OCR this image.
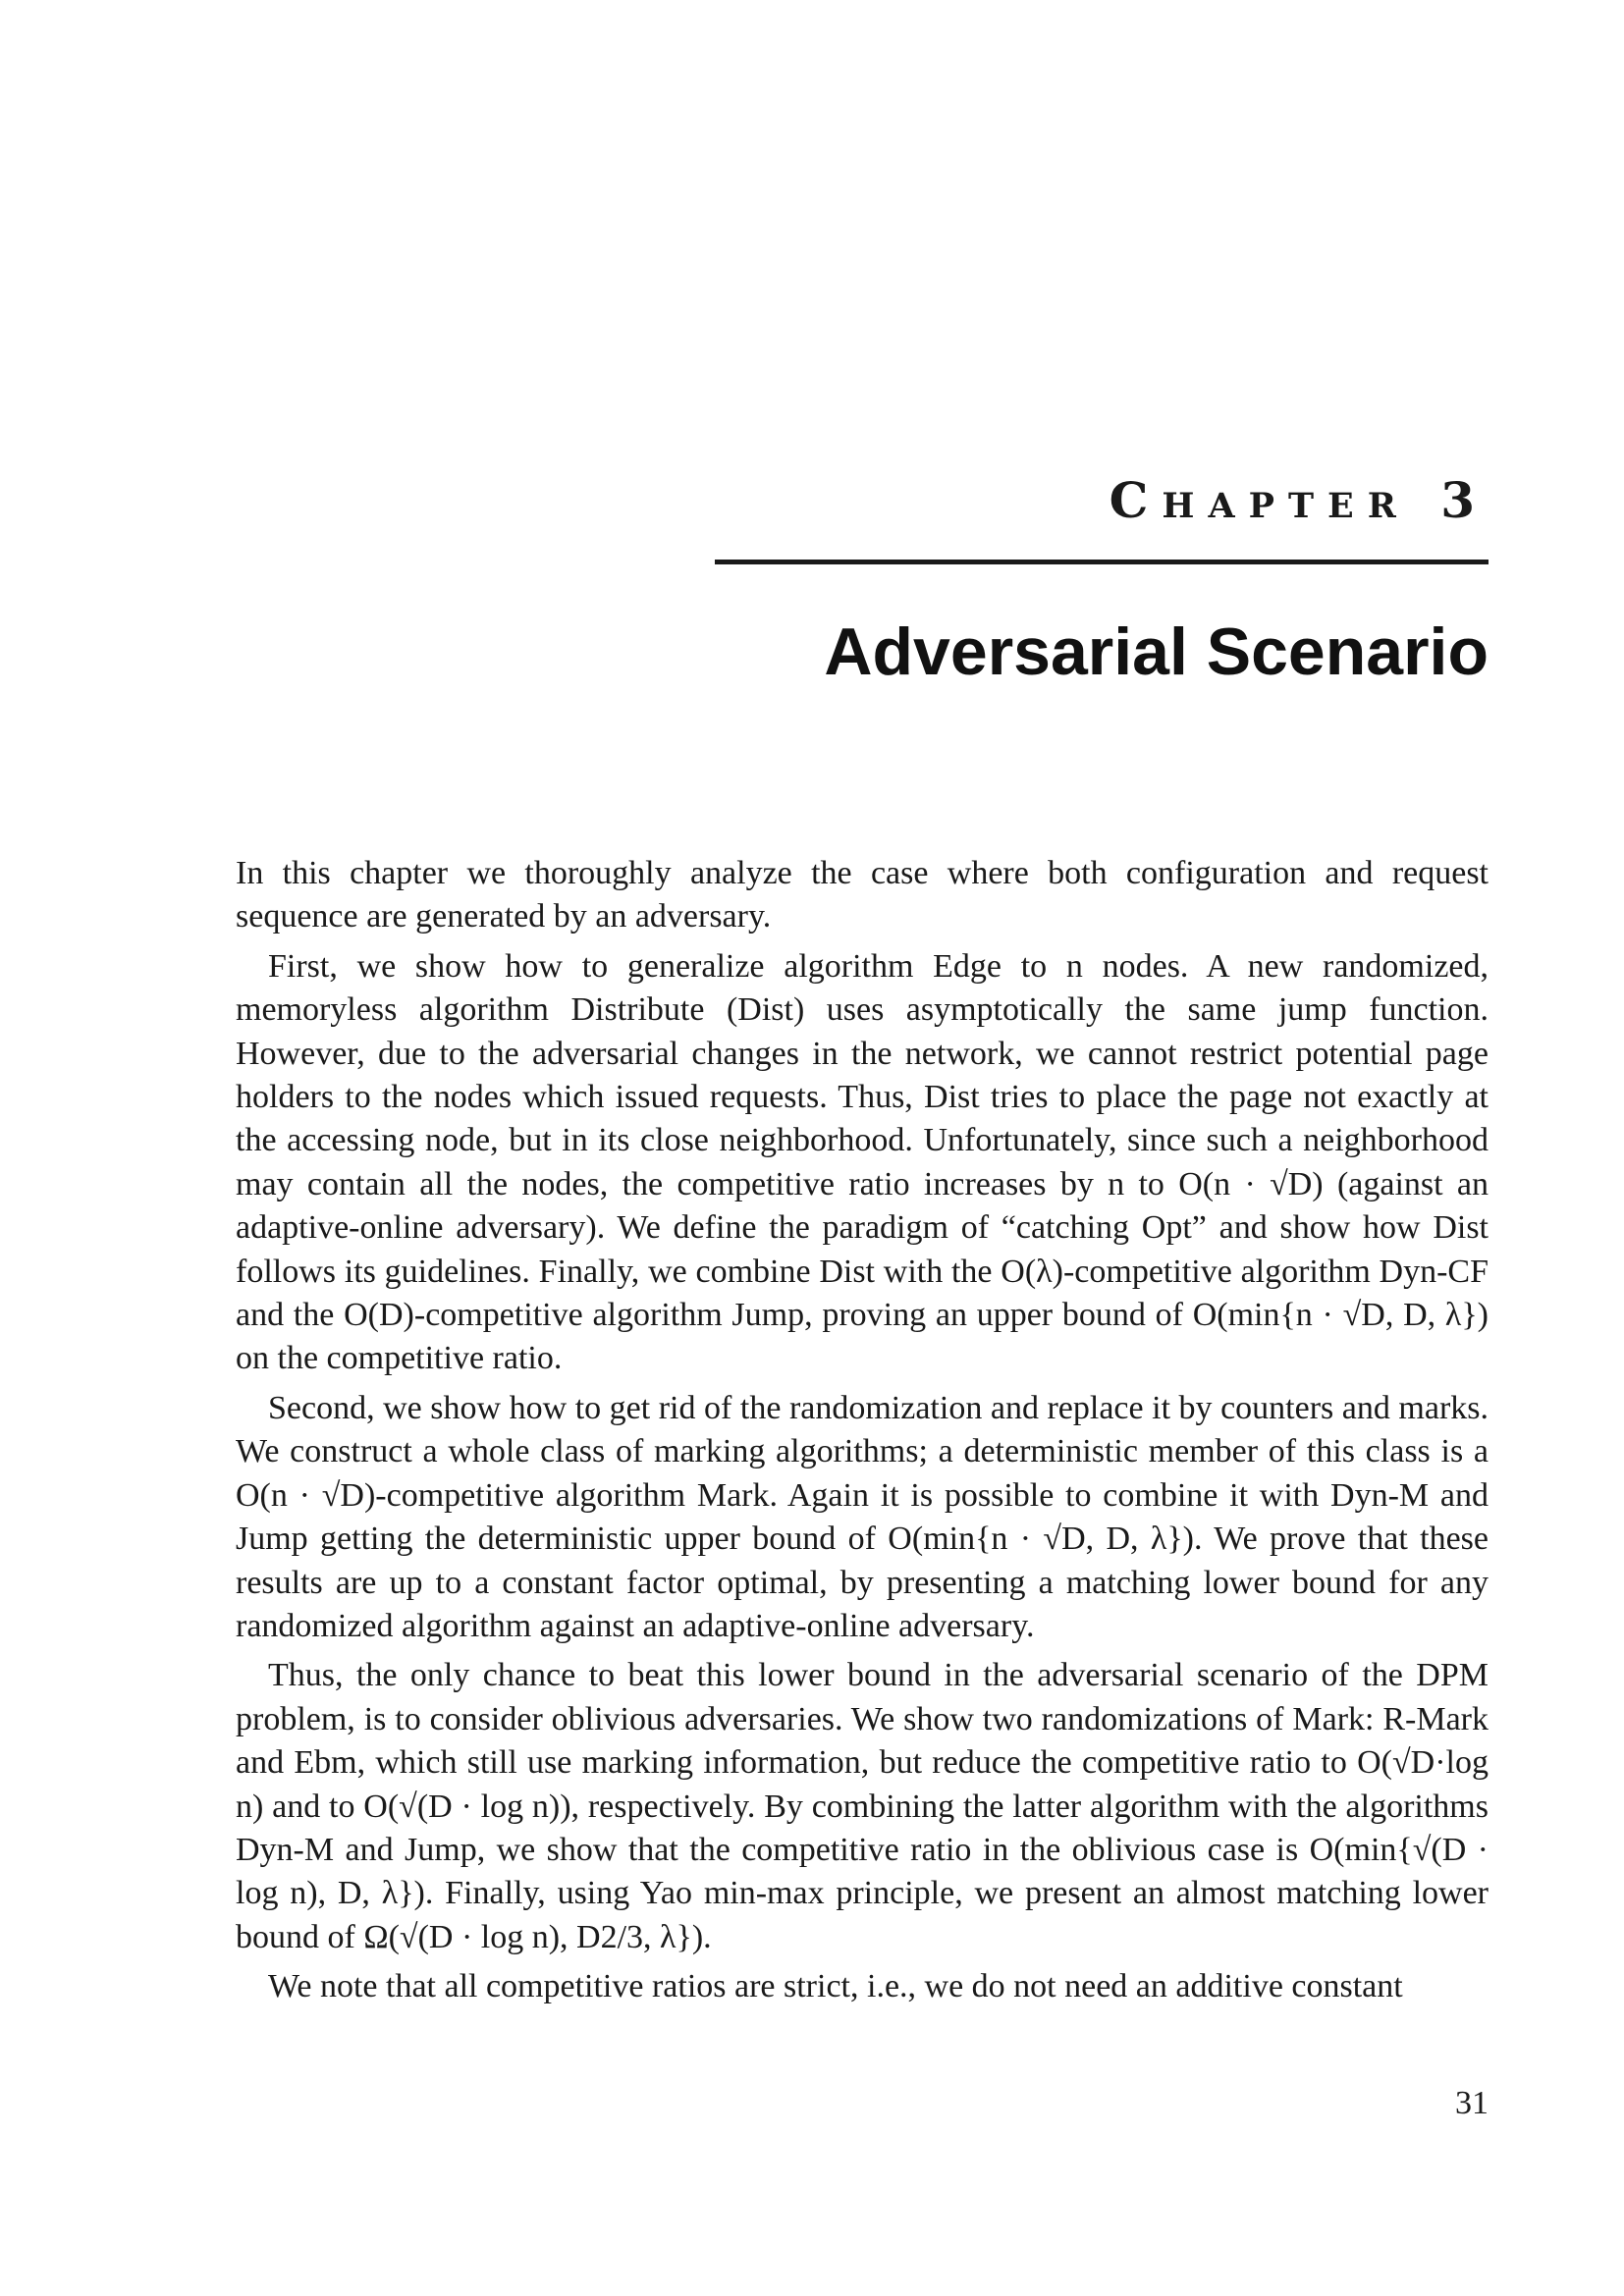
Chapter 3
Adversarial Scenario

In this chapter we thoroughly analyze the case where both configuration and request sequence are generated by an adversary.

First, we show how to generalize algorithm Edge to n nodes. A new randomized, memoryless algorithm Distribute (Dist) uses asymptotically the same jump function. However, due to the adversarial changes in the network, we cannot restrict potential page holders to the nodes which issued requests. Thus, Dist tries to place the page not exactly at the accessing node, but in its close neighborhood. Unfortunately, since such a neighborhood may contain all the nodes, the competitive ratio increases by n to O(n · √D) (against an adaptive-online adversary). We define the paradigm of “catching Opt” and show how Dist follows its guidelines. Finally, we combine Dist with the O(λ)-competitive algorithm Dyn-CF and the O(D)-competitive algorithm Jump, proving an upper bound of O(min{n · √D, D, λ}) on the competitive ratio.

Second, we show how to get rid of the randomization and replace it by counters and marks. We construct a whole class of marking algorithms; a deterministic member of this class is a O(n · √D)-competitive algorithm Mark. Again it is possible to combine it with Dyn-M and Jump getting the deterministic upper bound of O(min{n · √D, D, λ}). We prove that these results are up to a constant factor optimal, by presenting a matching lower bound for any randomized algorithm against an adaptive-online adversary.

Thus, the only chance to beat this lower bound in the adversarial scenario of the DPM problem, is to consider oblivious adversaries. We show two randomizations of Mark: R-Mark and Ebm, which still use marking information, but reduce the competitive ratio to O(√D·log n) and to O(√(D · log n)), respectively. By combining the latter algorithm with the algorithms Dyn-M and Jump, we show that the competitive ratio in the oblivious case is O(min{√(D · log n), D, λ}). Finally, using Yao min-max principle, we present an almost matching lower bound of Ω(√(D · log n), D2/3, λ}).

We note that all competitive ratios are strict, i.e., we do not need an additive constant

31
